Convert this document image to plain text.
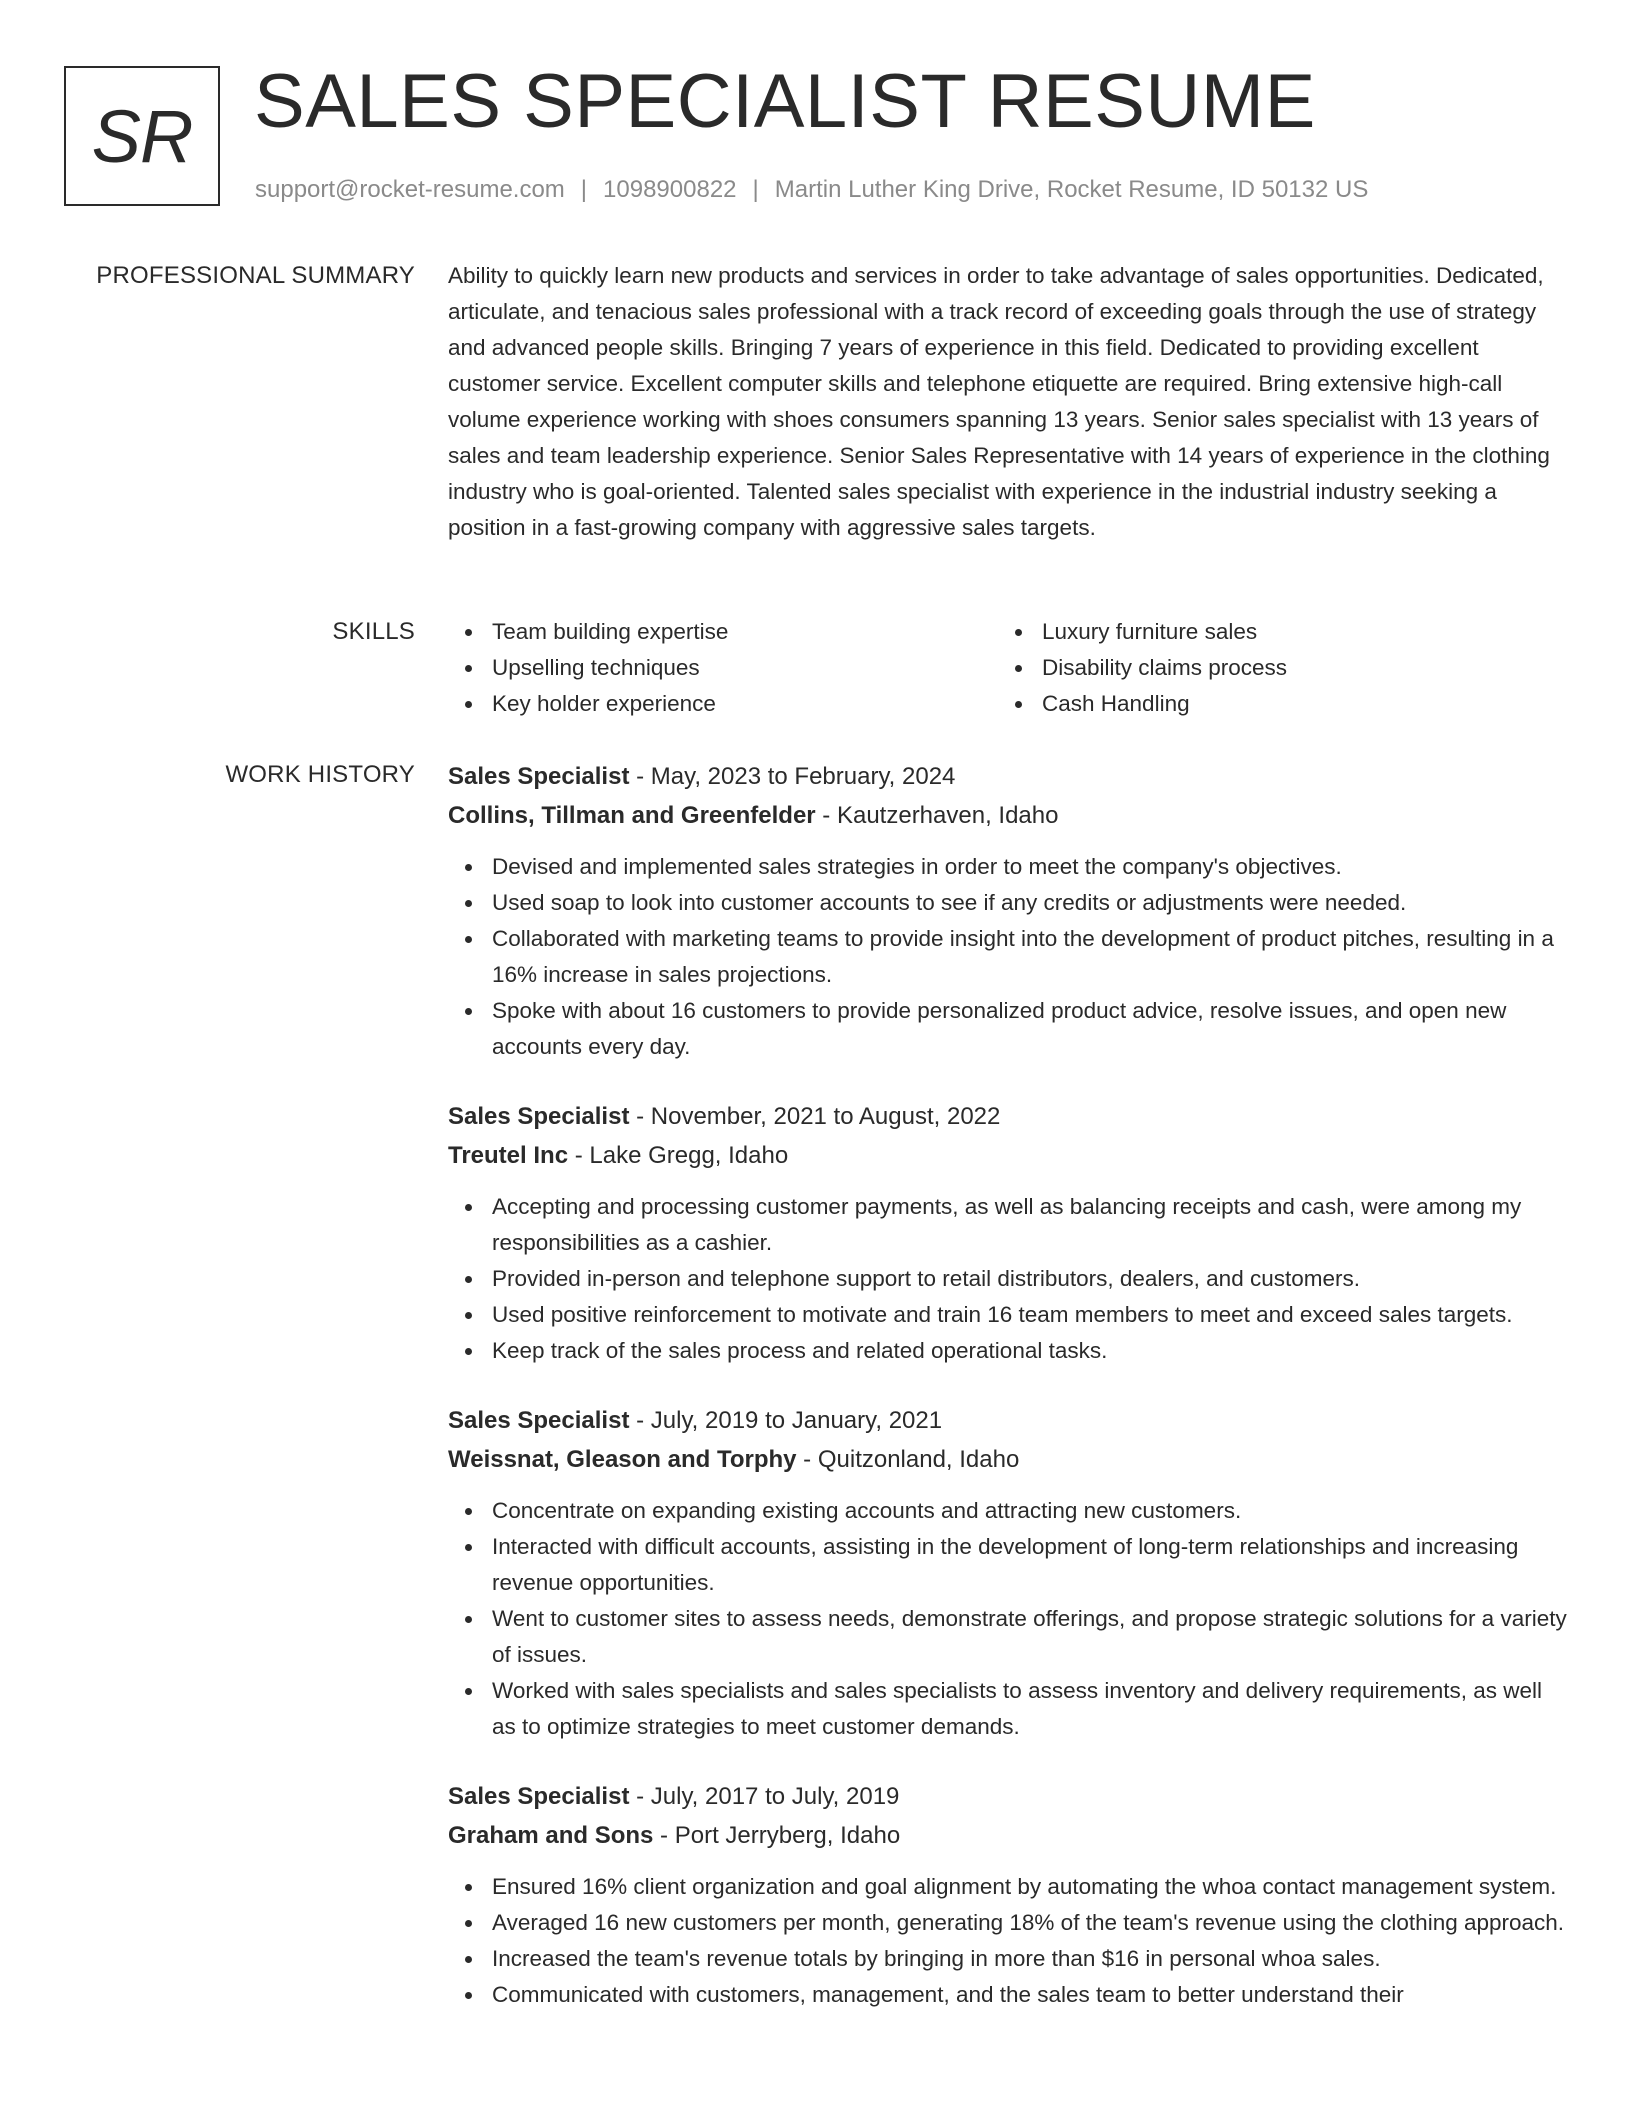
SR SALES SPECIALIST RESUME
support@rocket-resume.com | 1098900822 | Martin Luther King Drive, Rocket Resume, ID 50132 US
PROFESSIONAL SUMMARY Ability to quickly learn new products and services in order to take advantage of sales opportunities. Dedicated, articulate, and tenacious sales professional with a track record of exceeding goals through the use of strategy and advanced people skills. Bringing 7 years of experience in this field. Dedicated to providing excellent customer service. Excellent computer skills and telephone etiquette are required. Bring extensive high-call volume experience working with shoes consumers spanning 13 years. Senior sales specialist with 13 years of sales and team leadership experience. Senior Sales Representative with 14 years of experience in the clothing industry who is goal-oriented. Talented sales specialist with experience in the industrial industry seeking a position in a fast-growing company with aggressive sales targets.

SKILLS	Team building expertise
Upselling techniques
Key holder experience
Luxury furniture sales
Disability claims process
Cash Handling
WORK HISTORY Sales Specialist - May, 2023 to February, 2024

Collins, Tillman and Greenfelder - Kautzerhaven, Idaho

Devised and implemented sales strategies in order to meet the company's objectives.
Used soap to look into customer accounts to see if any credits or adjustments were needed.
Collaborated with marketing teams to provide insight into the development of product pitches, resulting in a 16% increase in sales projections.
Spoke with about 16 customers to provide personalized product advice, resolve issues, and open new accounts every day.

Sales Specialist - November, 2021 to August, 2022

Treutel Inc - Lake Gregg, Idaho

Accepting and processing customer payments, as well as balancing receipts and cash, were among my responsibilities as a cashier.
Provided in-person and telephone support to retail distributors, dealers, and customers.
Used positive reinforcement to motivate and train 16 team members to meet and exceed sales targets.
Keep track of the sales process and related operational tasks.

Sales Specialist - July, 2019 to January, 2021

Weissnat, Gleason and Torphy - Quitzonland, Idaho

Concentrate on expanding existing accounts and attracting new customers.
Interacted with difficult accounts, assisting in the development of long-term relationships and increasing revenue opportunities.
Went to customer sites to assess needs, demonstrate offerings, and propose strategic solutions for a variety of issues.
Worked with sales specialists and sales specialists to assess inventory and delivery requirements, as well as to optimize strategies to meet customer demands.

Sales Specialist - July, 2017 to July, 2019

Graham and Sons - Port Jerryberg, Idaho

Ensured 16% client organization and goal alignment by automating the whoa contact management system.
Averaged 16 new customers per month, generating 18% of the team's revenue using the clothing approach.
Increased the team's revenue totals by bringing in more than $16 in personal whoa sales.
Communicated with customers, management, and the sales team to better understand their
